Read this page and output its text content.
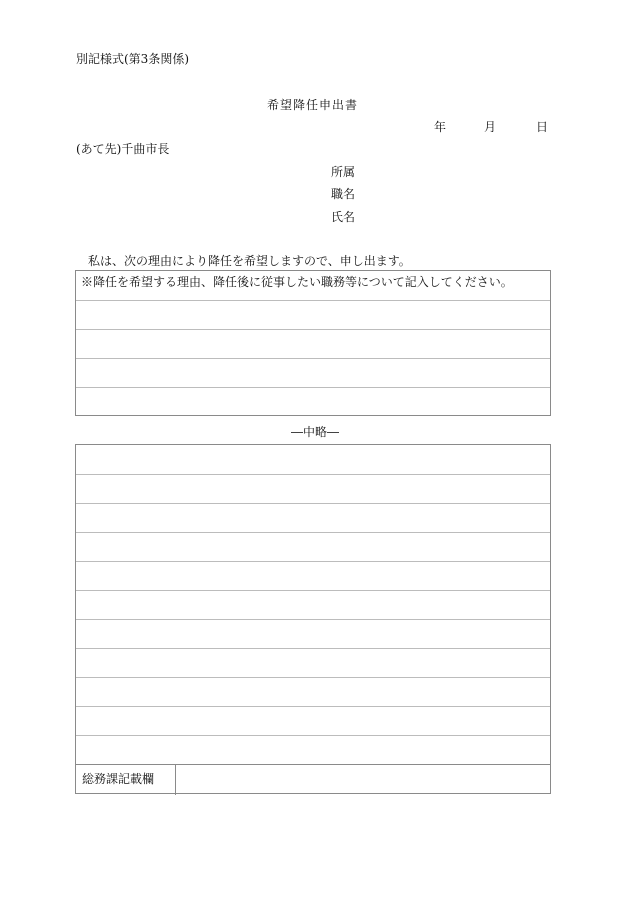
別記様式(第3条関係)
希望降任申出書
年	月	日
(あて先)千曲市長
所属
職名
氏名
私は、次の理由により降任を希望しますので、申し出ます。
※降任を希望する理由、降任後に従事したい職務等について記入してください。
―中略―
総務課記載欄
